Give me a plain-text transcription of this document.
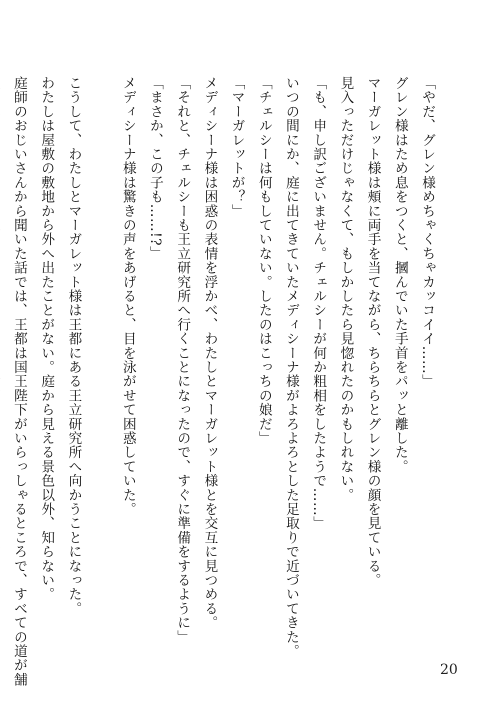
「やだ、グレン様めちゃくちゃカッコイイ……」
グレン様はため息をつくと、摑んでいた手首をパッと離した。
マーガレット様は頰に両手を当てながら、ちらちらとグレン様の顔を見ている。
見入っただけじゃなくて、もしかしたら見惚れたのかもしれない。
「も、申し訳ございません。チェルシーが何か粗相をしたようで……」
いつの間にか、庭に出てきていたメディシーナ様がよろよろとした足取りで近づいてきた。
「チェルシーは何もしていない。したのはこっちの娘だ」
「マーガレットが？」
メディシーナ様は困惑の表情を浮かべ、わたしとマーガレット様とを交互に見つめる。
「それと、チェルシーも王立研究所へ行くことになったので、すぐに準備をするように」
「まさか、この子も……!?」
メディシーナ様は驚きの声をあげると、目を泳がせて困惑していた。
こうして、わたしとマーガレット様は王都にある王立研究所へ向かうことになった。
わたしは屋敷の敷地から外へ出たことがない。庭から見える景色以外、知らない。
庭師のおじいさんから聞いた話では、王都は国王陛下がいらっしゃるところで、すべての道が舗	20
